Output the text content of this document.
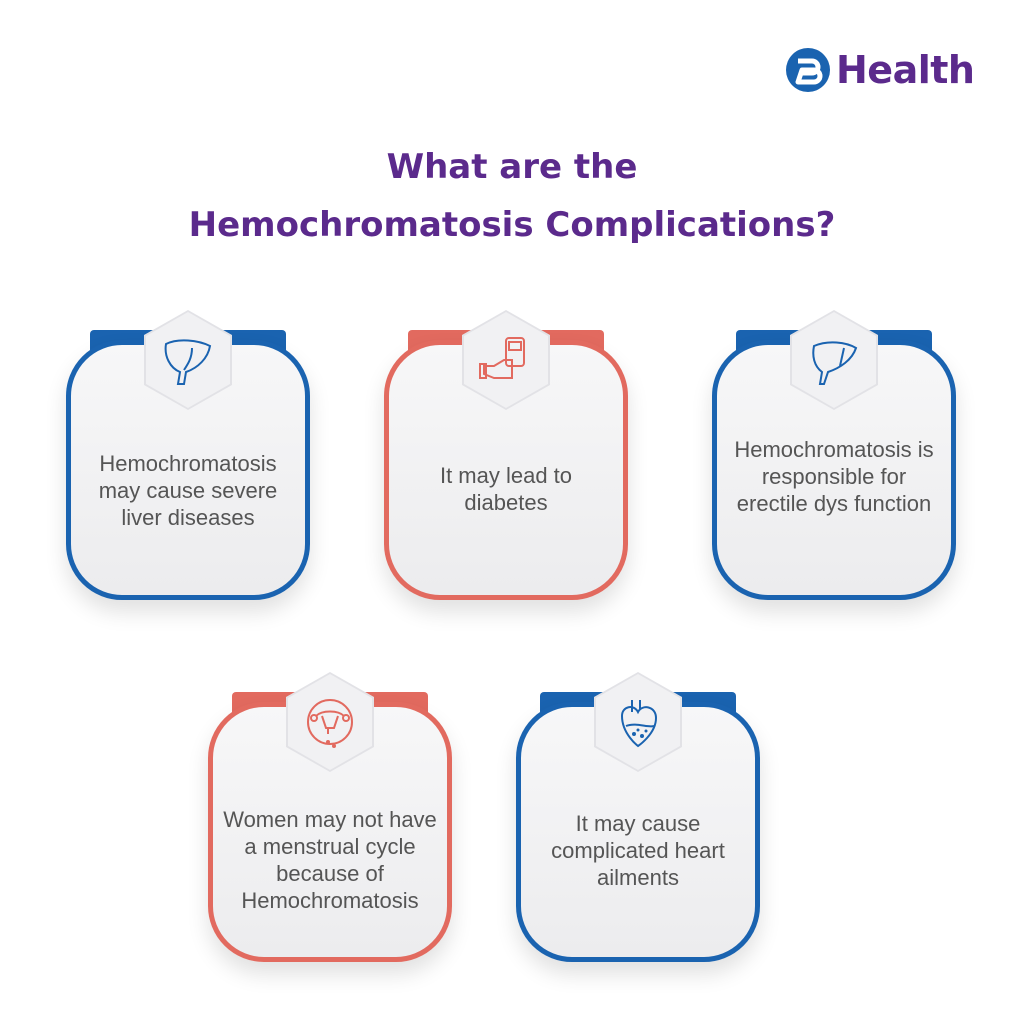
Health
What are the
Hemochromatosis Complications?
Hemochromatosis may cause severe liver diseases
It may lead to diabetes
Hemochromatosis is responsible for erectile dys function
Women may not have a menstrual cycle because of Hemochromatosis
It may cause complicated heart ailments
